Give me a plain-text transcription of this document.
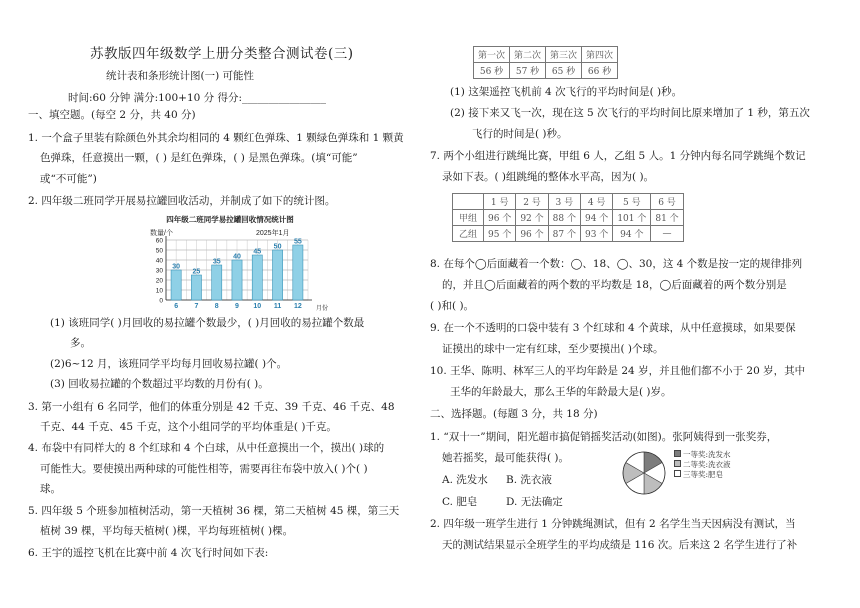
苏教版四年级数学上册分类整合测试卷(三)
统计表和条形统计图(一) 可能性
时间:60 分钟 满分:100+10 分 得分:________________
一、填空题。(每空 2 分，共 40 分)
1. 一个盒子里装有除颜色外其余均相同的 4 颗红色弹珠、1 颗绿色弹珠和 1 颗黄
色弹珠，任意摸出一颗，( ) 是红色弹珠，( ) 是黑色弹珠。(填“可能”
或“不可能”)
2. 四年级二班同学开展易拉罐回收活动，并制成了如下的统计图。
四年级二班同学易拉罐回收情况统计图
数量/个	2025年1月
月份
0
10
20
30
40
50
60
30
6
25
7
35
8
40
9
45
10
50
11
55
12
(1) 该班同学( )月回收的易拉罐个数最少，( )月回收的易拉罐个数最
多。
(2)6~12 月，该班同学平均每月回收易拉罐( )个。
(3) 回收易拉罐的个数超过平均数的月份有( )。
3. 第一小组有 6 名同学，他们的体重分别是 42 千克、39 千克、46 千克、48
千克、44 千克、45 千克，这个小组同学的平均体重是( )千克。
4. 布袋中有同样大的 8 个红球和 4 个白球，从中任意摸出一个，摸出( )球的
可能性大。要使摸出两种球的可能性相等，需要再往布袋中放入( )个( )
球。
5. 四年级 5 个班参加植树活动，第一天植树 36 棵，第二天植树 45 棵，第三天
植树 39 棵，平均每天植树( )棵，平均每班植树( )棵。
6. 王宇的遥控飞机在比赛中前 4 次飞行时间如下表:
第一次	第二次	第三次	第四次
56 秒	57 秒	65 秒	66 秒
(1) 这架遥控飞机前 4 次飞行的平均时间是( )秒。
(2) 接下来又飞一次，现在这 5 次飞行的平均时间比原来增加了 1 秒，第五次
飞行的时间是( )秒。
7. 两个小组进行跳绳比赛，甲组 6 人，乙组 5 人。1 分钟内每名同学跳绳个数记
录如下表。( )组跳绳的整体水平高，因为( )。
	1 号	2 号	3 号	4 号	5 号	6 号
甲组	96 个	92 个	88 个	94 个	101 个	81 个
乙组	95 个	96 个	87 个	93 个	94 个	—
8. 在每个◯后面藏着一个数：◯、18、◯、30，这 4 个数是按一定的规律排列
的，并且◯后面藏着的两个数的平均数是 18，◯后面藏着的两个数分别是
( )和( )。
9. 在一个不透明的口袋中装有 3 个红球和 4 个黄球，从中任意摸球，如果要保
证摸出的球中一定有红球，至少要摸出( )个球。
10. 王华、陈明、林军三人的平均年龄是 24 岁，并且他们都不小于 20 岁，其中
王华的年龄最大，那么王华的年龄最大是( )岁。
二、选择题。(每题 3 分，共 18 分)
1. “双十一”期间，阳光超市搞促销摇奖活动(如图)。张阿姨得到一张奖券，
她若摇奖，最可能获得( )。
A. 洗发水 B. 洗衣液
C. 肥皂	D. 无法确定
一等奖:洗发水
二等奖:洗衣液
三等奖:肥皂
2. 四年级一班学生进行 1 分钟跳绳测试，但有 2 名学生当天因病没有测试，当
天的测试结果显示全班学生的平均成绩是 116 次。后来这 2 名学生进行了补
